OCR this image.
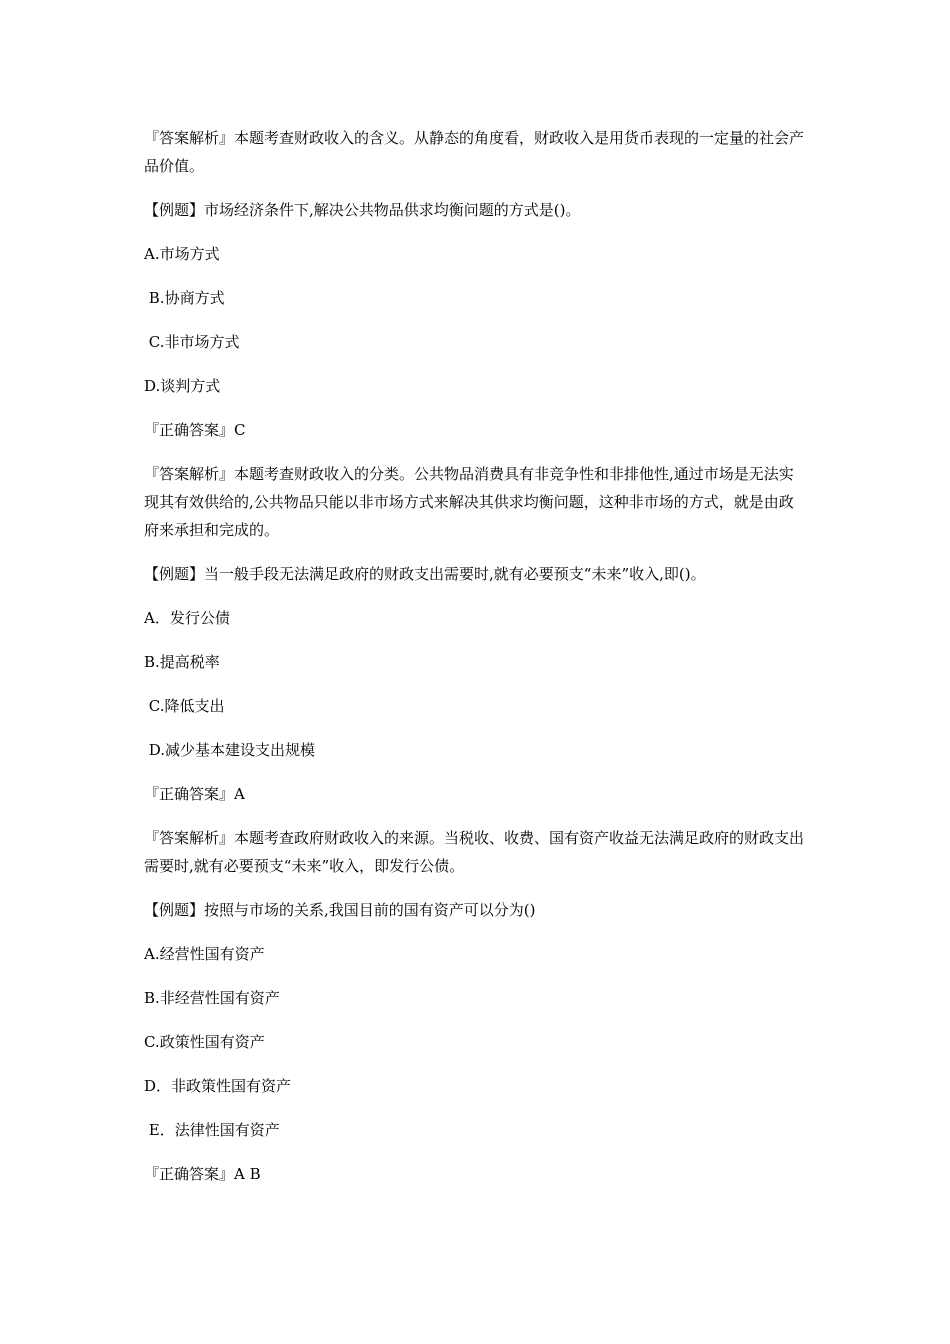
『答案解析』本题考查财政收入的含义。从静态的角度看，财政收入是用货币表现的一定量的社会产品价值。

【例题】市场经济条件下,解决公共物品供求均衡问题的方式是()。

A.市场方式

B.协商方式

C.非市场方式

D.谈判方式

『正确答案』C

『答案解析』本题考查财政收入的分类。公共物品消费具有非竞争性和非排他性,通过市场是无法实现其有效供给的,公共物品只能以非市场方式来解决其供求均衡问题，这种非市场的方式，就是由政府来承担和完成的。

【例题】当一般手段无法满足政府的财政支出需要时,就有必要预支“未来”收入,即()。

A．发行公债

B.提高税率

C.降低支出

D.减少基本建设支出规模

『正确答案』A

『答案解析』本题考查政府财政收入的来源。当税收、收费、国有资产收益无法满足政府的财政支出需要时,就有必要预支“未来”收入，即发行公债。

【例题】按照与市场的关系,我国目前的国有资产可以分为()

A.经营性国有资产

B.非经营性国有资产

C.政策性国有资产

D．非政策性国有资产

E．法律性国有资产

『正确答案』A B
